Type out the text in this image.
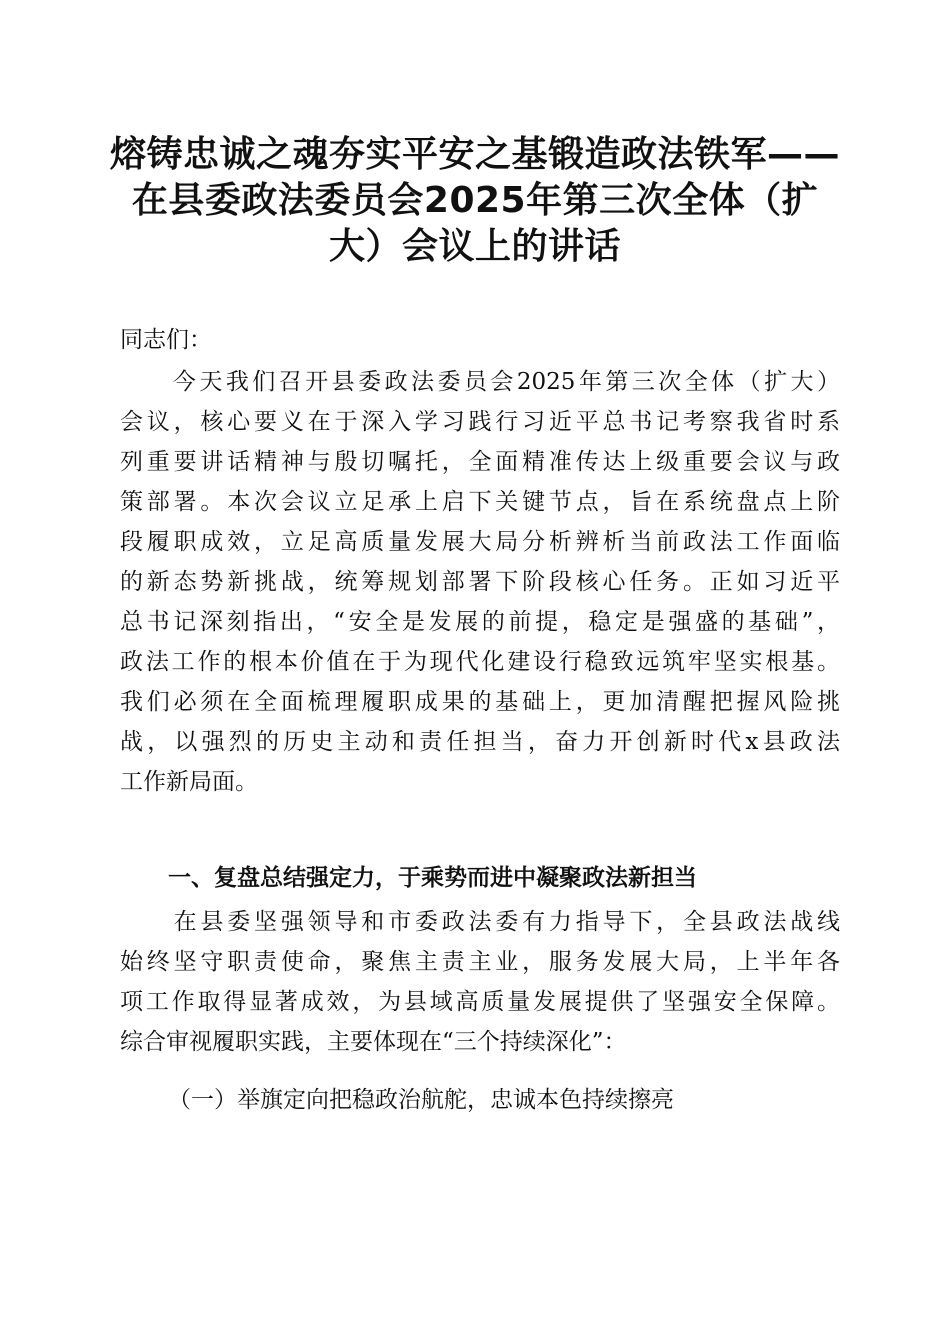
熔铸忠诚之魂夯实平安之基锻造政法铁军——
在县委政法委员会2025年第三次全体（扩
大）会议上的讲话
同志们：
　　今天我们召开县委政法委员会2025年第三次全体（扩大）
会议，核心要义在于深入学习践行习近平总书记考察我省时系
列重要讲话精神与殷切嘱托，全面精准传达上级重要会议与政
策部署。本次会议立足承上启下关键节点，旨在系统盘点上阶
段履职成效，立足高质量发展大局分析辨析当前政法工作面临
的新态势新挑战，统筹规划部署下阶段核心任务。正如习近平
总书记深刻指出，“安全是发展的前提，稳定是强盛的基础”，
政法工作的根本价值在于为现代化建设行稳致远筑牢坚实根基。
我们必须在全面梳理履职成果的基础上，更加清醒把握风险挑
战，以强烈的历史主动和责任担当，奋力开创新时代x县政法
工作新局面。
一、复盘总结强定力，于乘势而进中凝聚政法新担当
　　在县委坚强领导和市委政法委有力指导下，全县政法战线
始终坚守职责使命，聚焦主责主业，服务发展大局，上半年各
项工作取得显著成效，为县域高质量发展提供了坚强安全保障。
综合审视履职实践，主要体现在“三个持续深化”：
（一）举旗定向把稳政治航舵，忠诚本色持续擦亮
